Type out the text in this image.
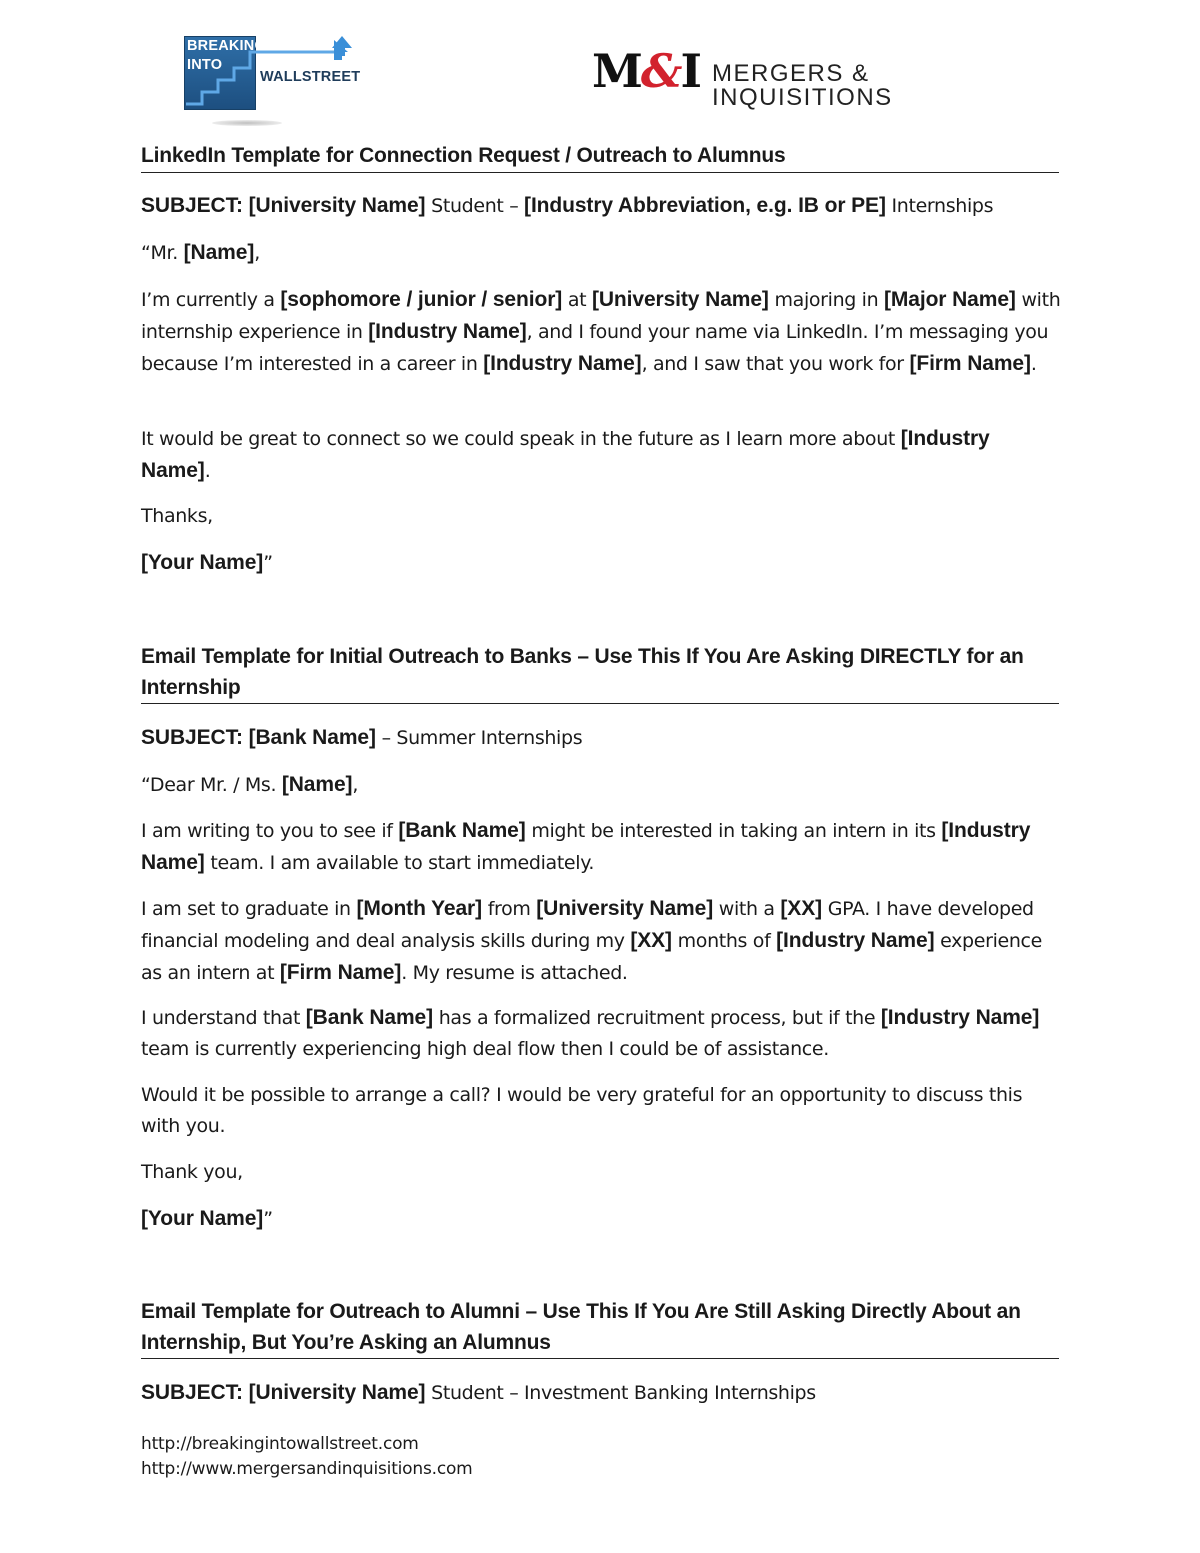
BREAKING
INTO
WALLSTREET	M&I MERGERS & INQUISITIONS
LinkedIn Template for Connection Request / Outreach to Alumnus
SUBJECT: [University Name] Student – [Industry Abbreviation, e.g. IB or PE] Internships
“Mr. [Name],
I’m currently a [sophomore / junior / senior] at [University Name] majoring in [Major Name] with internship experience in [Industry Name], and I found your name via LinkedIn. I’m messaging you because I’m interested in a career in [Industry Name], and I saw that you work for [Firm Name].
It would be great to connect so we could speak in the future as I learn more about [Industry Name].
Thanks,
[Your Name]”
Email Template for Initial Outreach to Banks – Use This If You Are Asking DIRECTLY for an
Internship
SUBJECT: [Bank Name] – Summer Internships
“Dear Mr. / Ms. [Name],
I am writing to you to see if [Bank Name] might be interested in taking an intern in its [Industry Name] team. I am available to start immediately.
I am set to graduate in [Month Year] from [University Name] with a [XX] GPA. I have developed financial modeling and deal analysis skills during my [XX] months of [Industry Name] experience as an intern at [Firm Name]. My resume is attached.
I understand that [Bank Name] has a formalized recruitment process, but if the [Industry Name] team is currently experiencing high deal flow then I could be of assistance.
Would it be possible to arrange a call? I would be very grateful for an opportunity to discuss this with you.
Thank you,
[Your Name]”
Email Template for Outreach to Alumni – Use This If You Are Still Asking Directly About an
Internship, But You’re Asking an Alumnus
SUBJECT: [University Name] Student – Investment Banking Internships
http://breakingintowallstreet.com
http://www.mergersandinquisitions.com
